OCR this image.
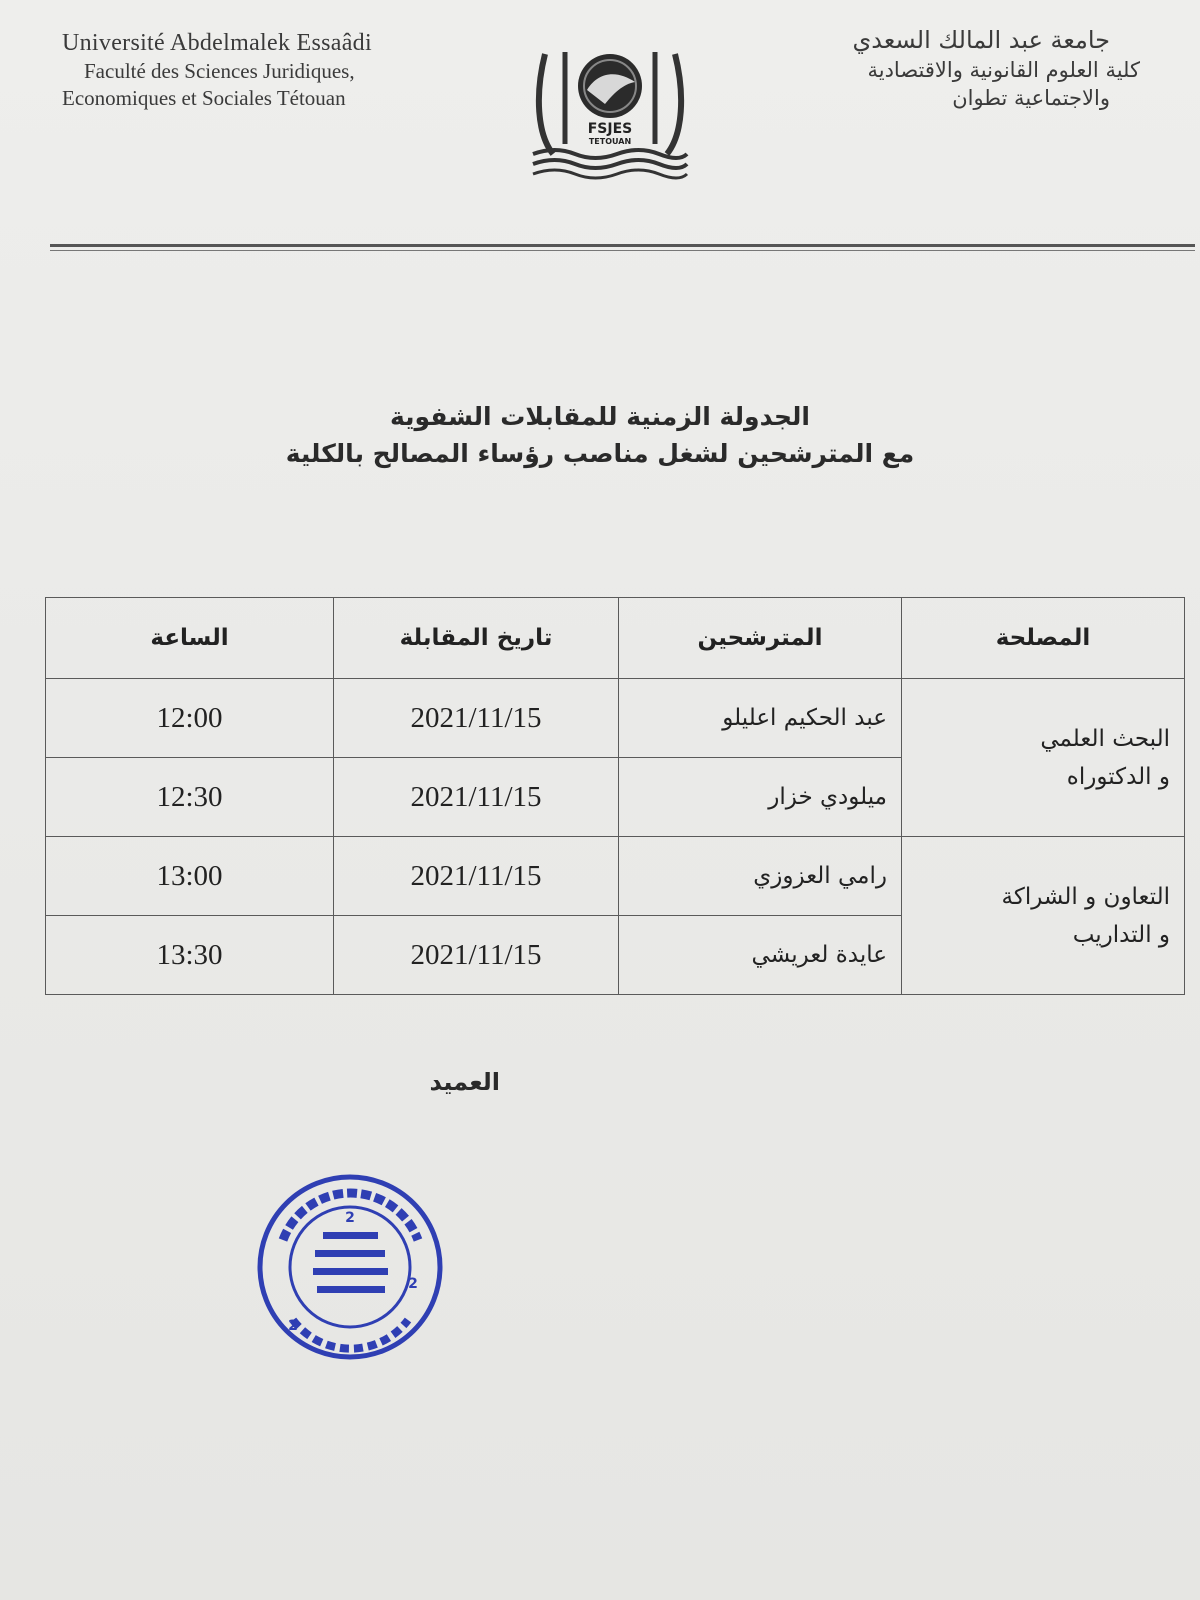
Université Abdelmalek Essaâdi
Faculté des Sciences Juridiques,
Economiques et Sociales Tétouan
FSJES
TETOUAN
جامعة عبد المالك السعدي
كلية العلوم القانونية والاقتصادية
والاجتماعية تطوان
الجدولة الزمنية للمقابلات الشفوية
مع المترشحين لشغل مناصب رؤساء المصالح بالكلية
المصلحة	المترشحين	تاريخ المقابلة	الساعة

البحث العلمي
و الدكتوراه	عبد الحكيم اعليلو	2021/11/15	12:00
	ميلودي خزار	2021/11/15	12:30

التعاون و الشراكة
و التداريب	رامي العزوزي	2021/11/15	13:00
	عايدة لعريشي	2021/11/15	13:30
العميد
2
2
2
